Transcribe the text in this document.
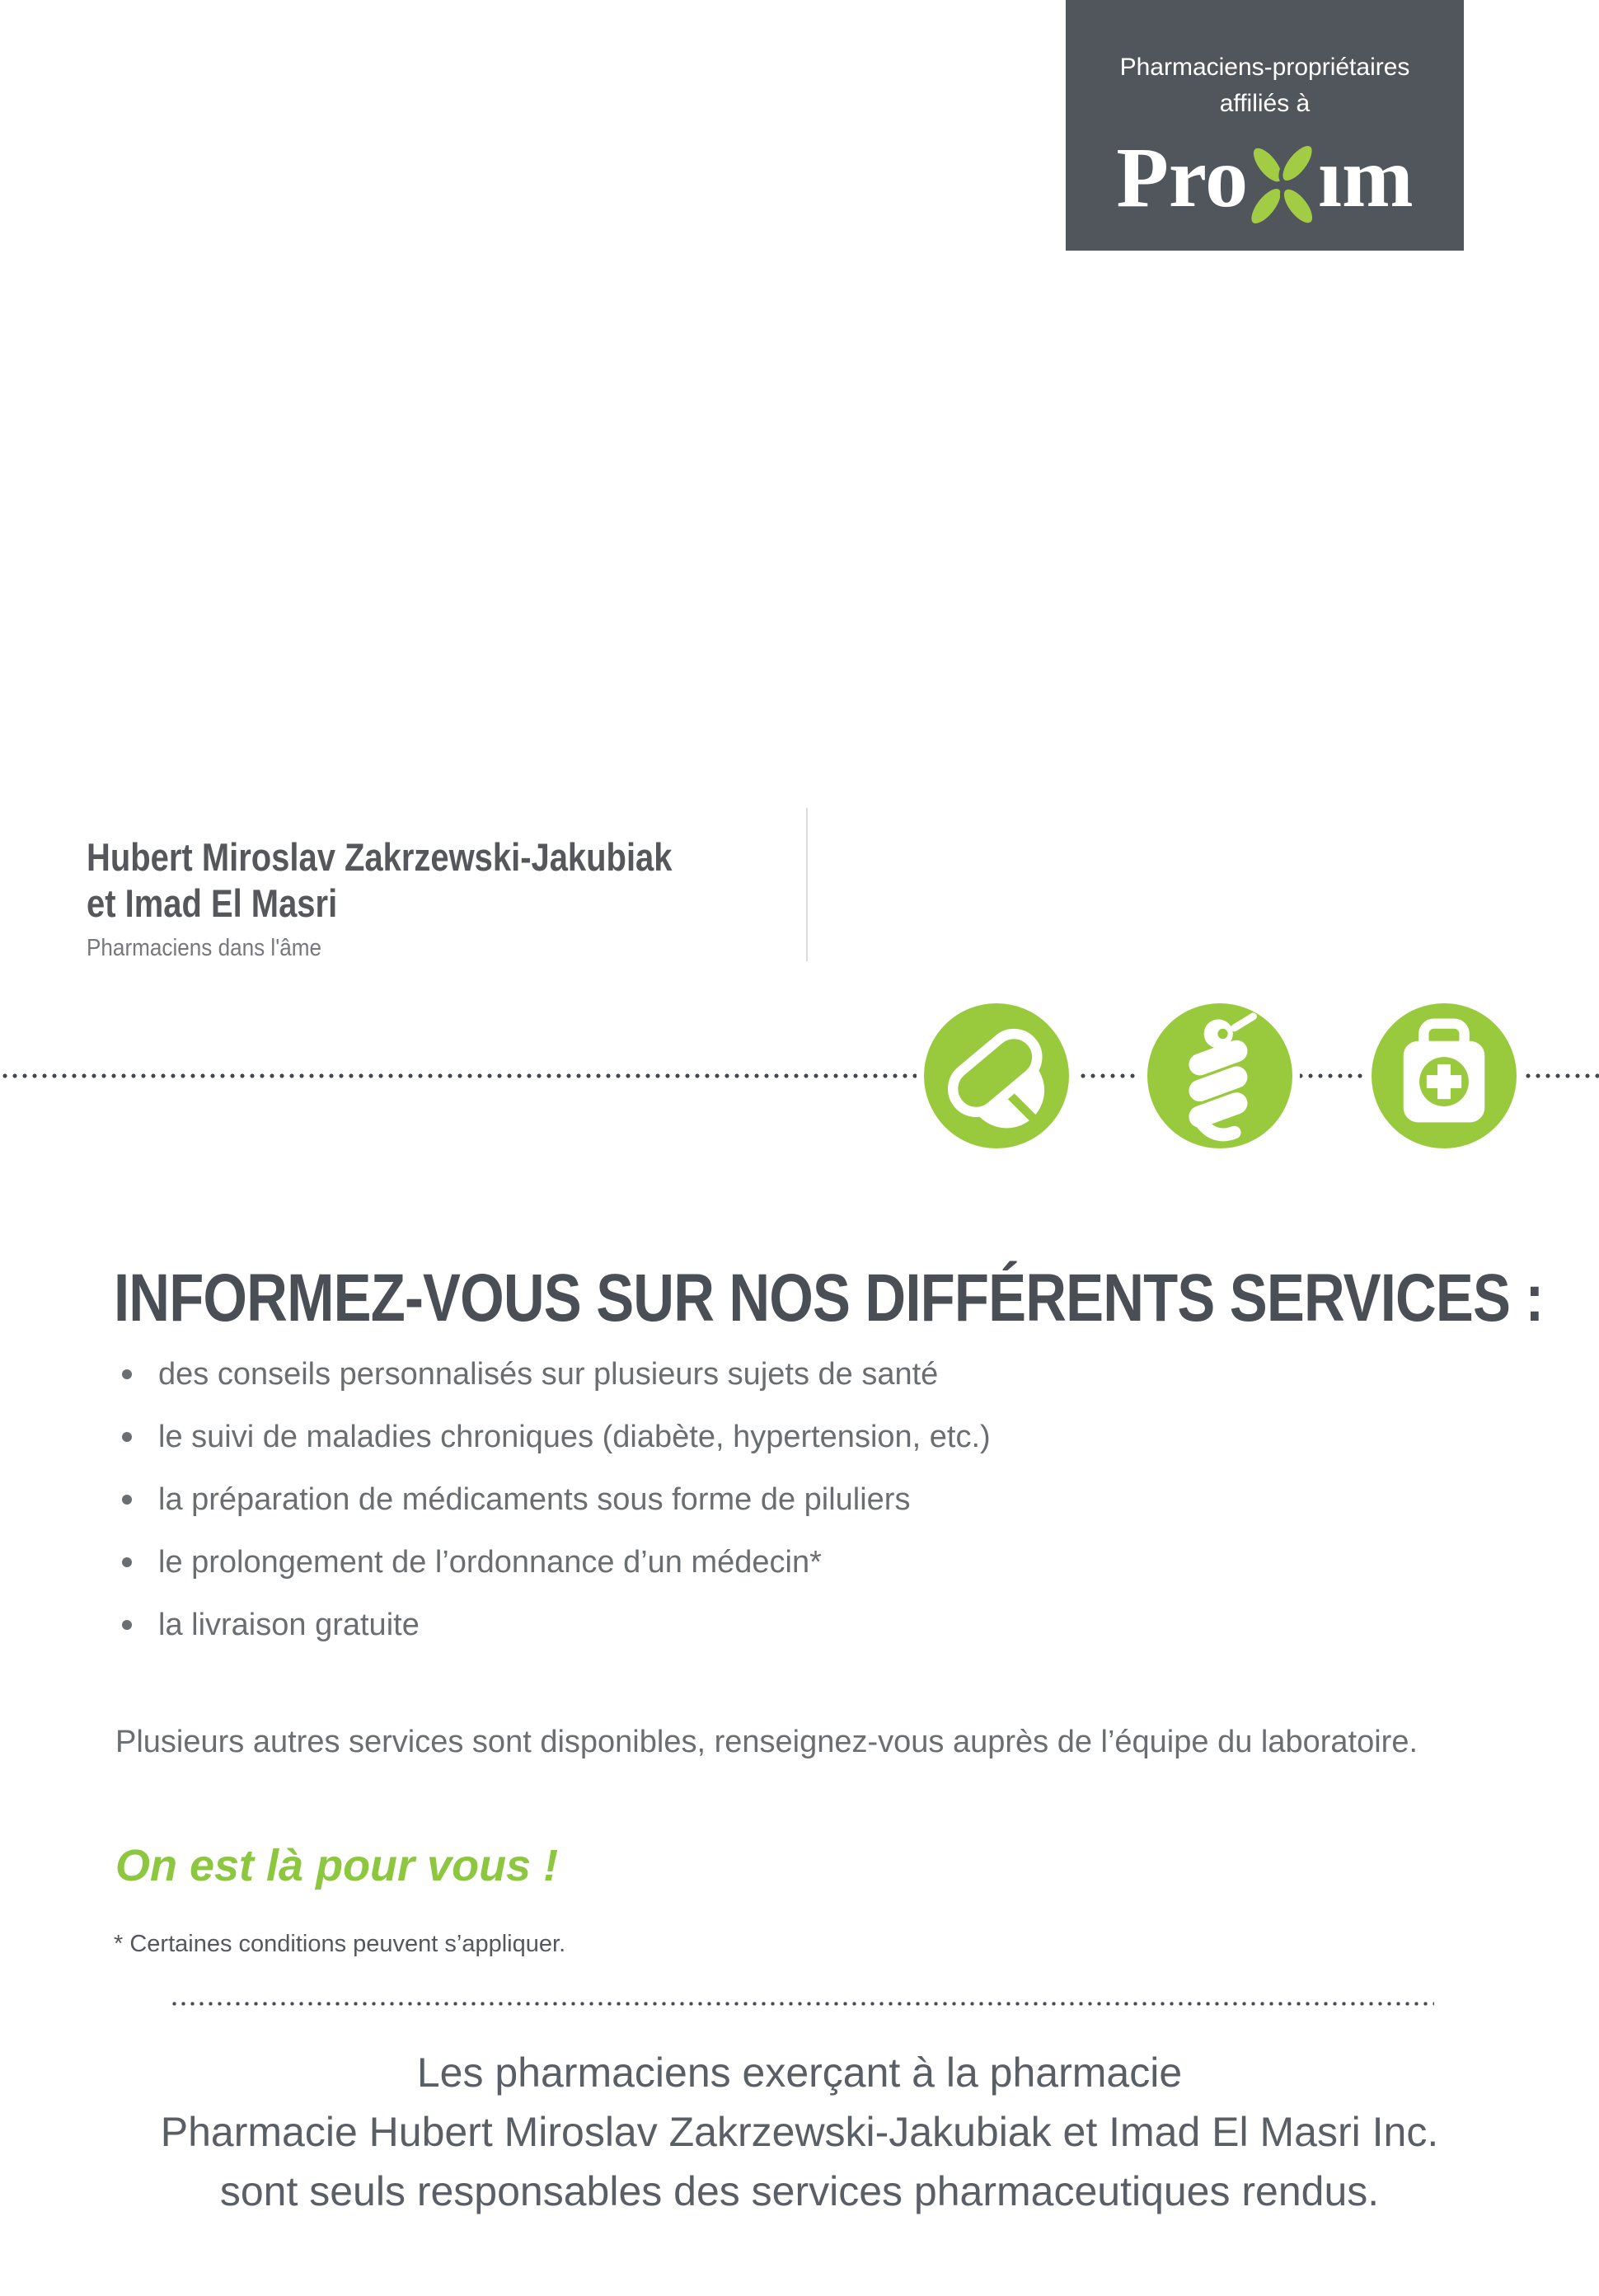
Pharmaciens-propriétaires
affiliés à
Pro ım
Hubert Miroslav Zakrzewski-Jakubiak
et Imad El Masri
Pharmaciens dans l'âme
INFORMEZ-VOUS SUR NOS DIFFÉRENTS SERVICES :
des conseils personnalisés sur plusieurs sujets de santé
le suivi de maladies chroniques (diabète, hypertension, etc.)
la préparation de médicaments sous forme de piluliers
le prolongement de l’ordonnance d’un médecin*
la livraison gratuite
Plusieurs autres services sont disponibles, renseignez-vous auprès de l’équipe du laboratoire.
On est là pour vous !
* Certaines conditions peuvent s’appliquer.
Les pharmaciens exerçant à la pharmacie
Pharmacie Hubert Miroslav Zakrzewski-Jakubiak et Imad El Masri Inc.
sont seuls responsables des services pharmaceutiques rendus.
